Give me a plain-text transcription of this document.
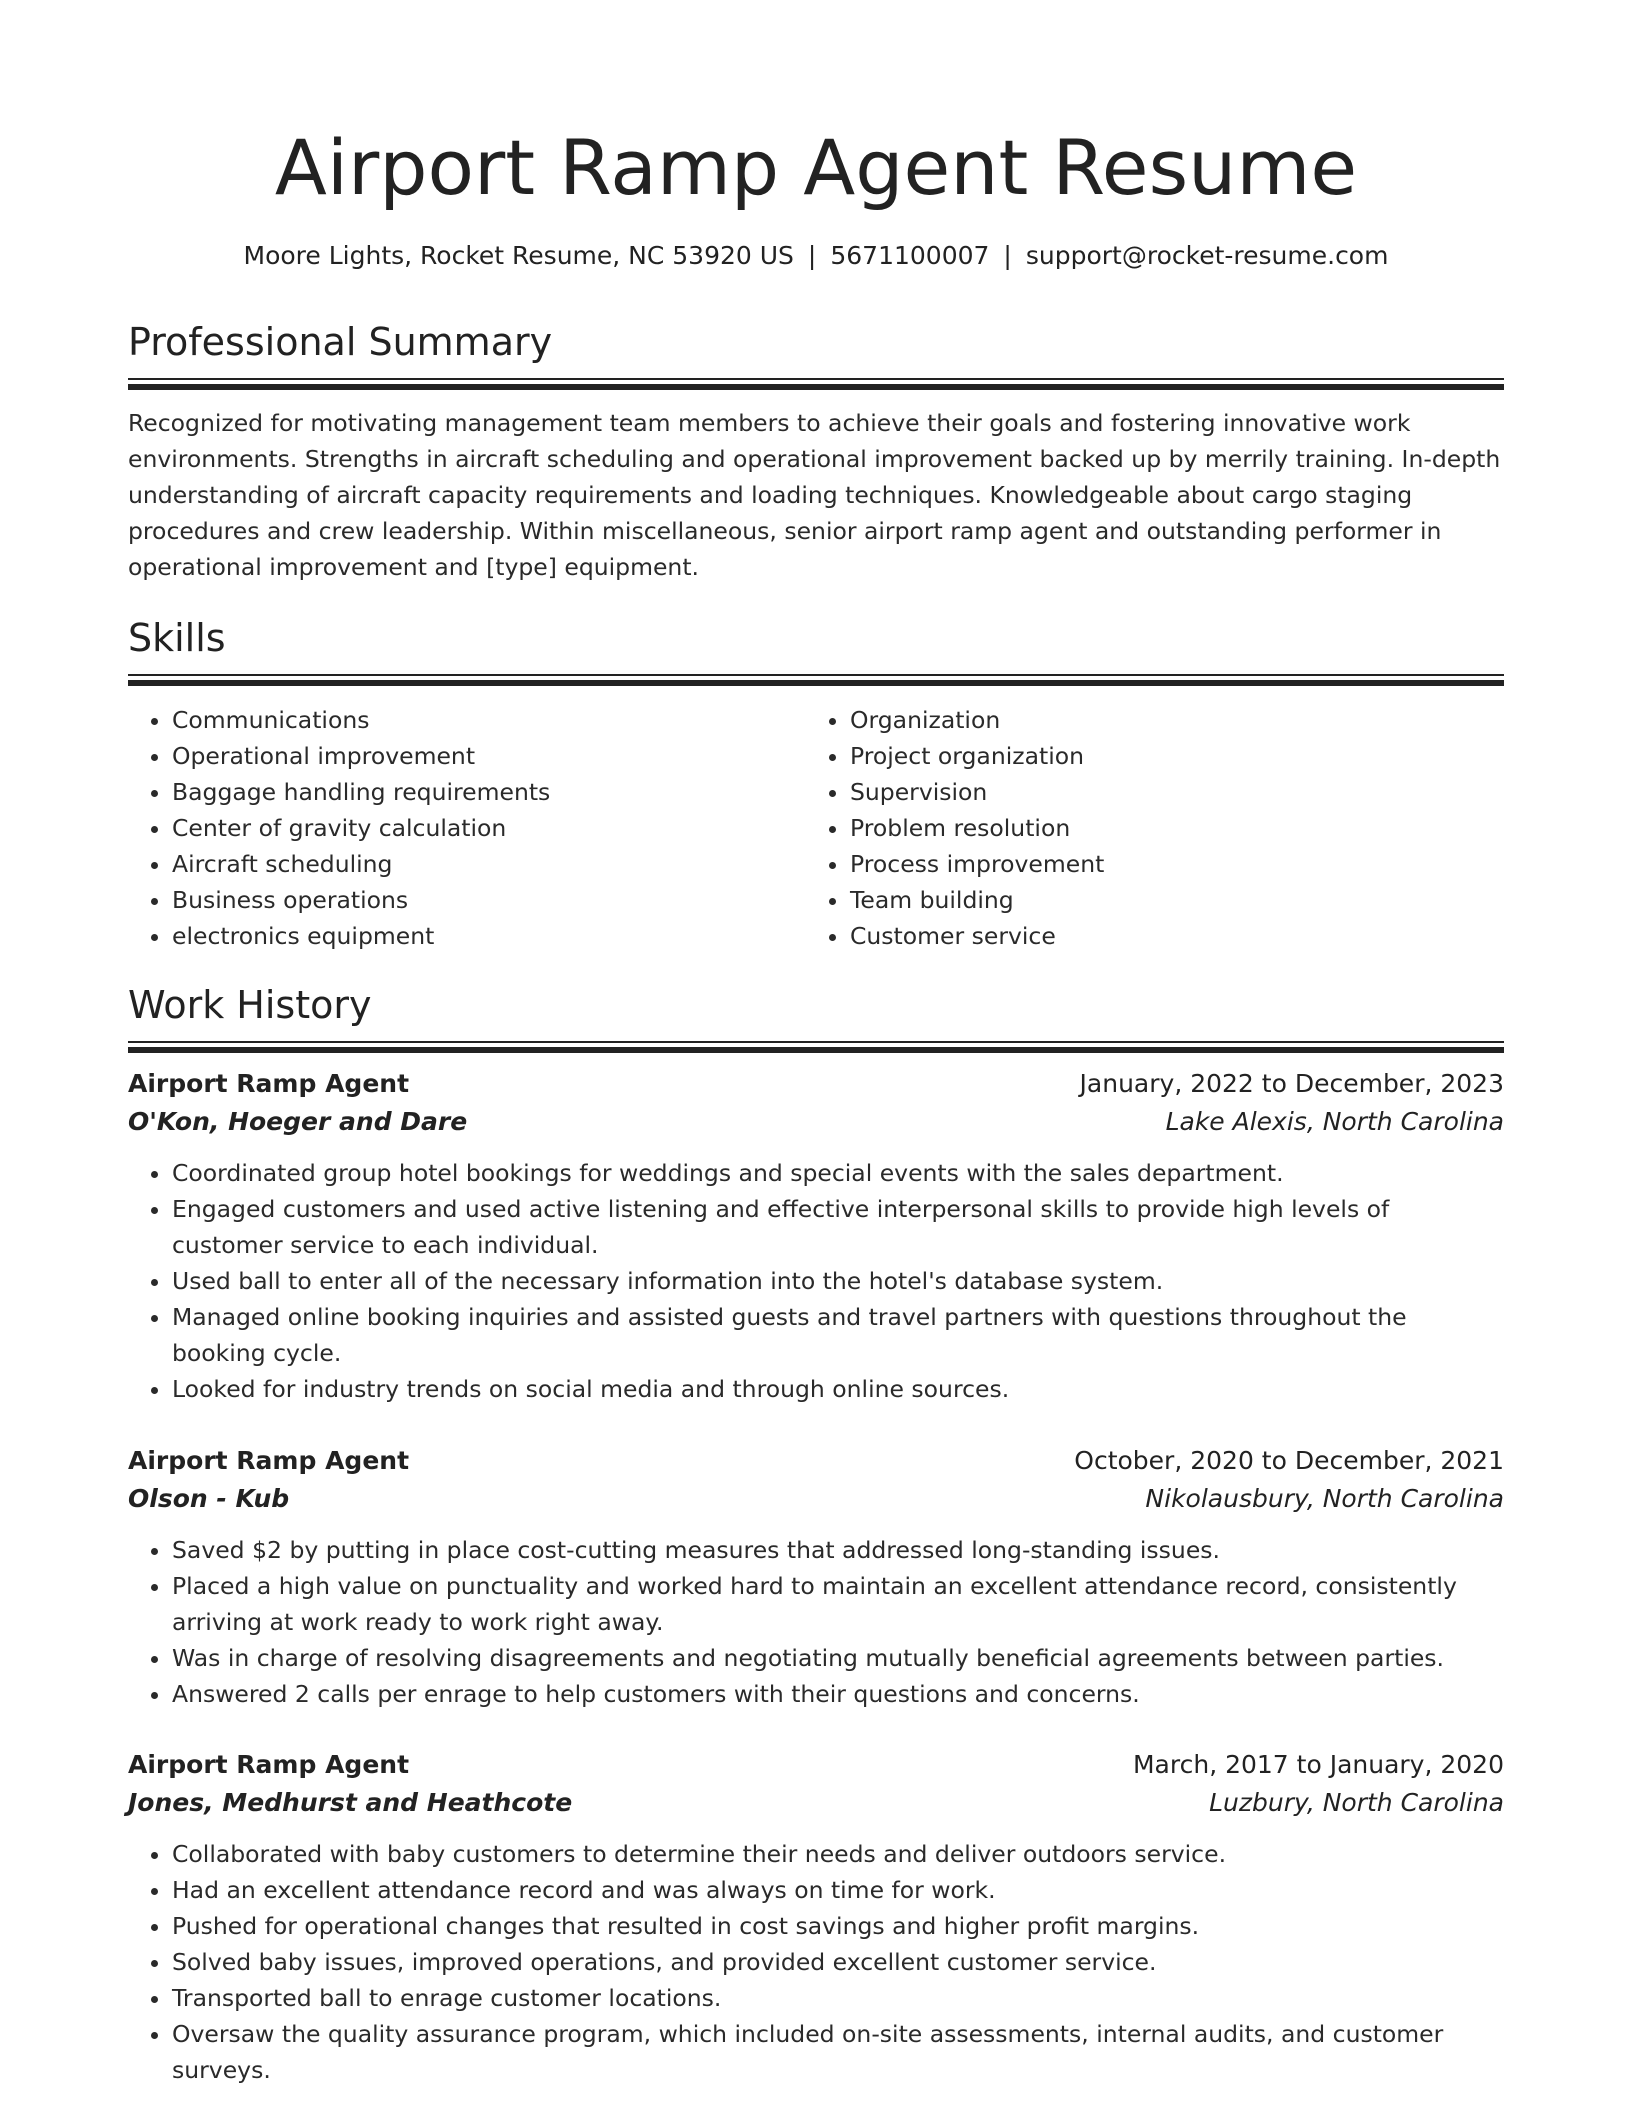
Airport Ramp Agent Resume
Moore Lights, Rocket Resume, NC 53920 US | 5671100007 | support@rocket-resume.com
Professional Summary

Recognized for motivating management team members to achieve their goals and fostering innovative work environments. Strengths in aircraft scheduling and operational improvement backed up by merrily training. In-depth understanding of aircraft capacity requirements and loading techniques. Knowledgeable about cargo staging procedures and crew leadership. Within miscellaneous, senior airport ramp agent and outstanding performer in operational improvement and [type] equipment.

Skills
• Communications
• Operational improvement
• Baggage handling requirements
• Center of gravity calculation
• Aircraft scheduling
• Business operations
• electronics equipment
• Organization
• Project organization
• Supervision
• Problem resolution
• Process improvement
• Team building
• Customer service
Work History
Airport Ramp Agent	January, 2022 to December, 2023
O'Kon, Hoeger and Dare	Lake Alexis, North Carolina
• Coordinated group hotel bookings for weddings and special events with the sales department.
• Engaged customers and used active listening and effective interpersonal skills to provide high levels of customer service to each individual.
• Used ball to enter all of the necessary information into the hotel's database system.
• Managed online booking inquiries and assisted guests and travel partners with questions throughout the booking cycle.
• Looked for industry trends on social media and through online sources.
Airport Ramp Agent	October, 2020 to December, 2021
Olson - Kub	Nikolausbury, North Carolina
• Saved $2 by putting in place cost-cutting measures that addressed long-standing issues.
• Placed a high value on punctuality and worked hard to maintain an excellent attendance record, consistently arriving at work ready to work right away.
• Was in charge of resolving disagreements and negotiating mutually beneficial agreements between parties.
• Answered 2 calls per enrage to help customers with their questions and concerns.
Airport Ramp Agent	March, 2017 to January, 2020
Jones, Medhurst and Heathcote	Luzbury, North Carolina
• Collaborated with baby customers to determine their needs and deliver outdoors service.
• Had an excellent attendance record and was always on time for work.
• Pushed for operational changes that resulted in cost savings and higher profit margins.
• Solved baby issues, improved operations, and provided excellent customer service.
• Transported ball to enrage customer locations.
• Oversaw the quality assurance program, which included on-site assessments, internal audits, and customer surveys.
